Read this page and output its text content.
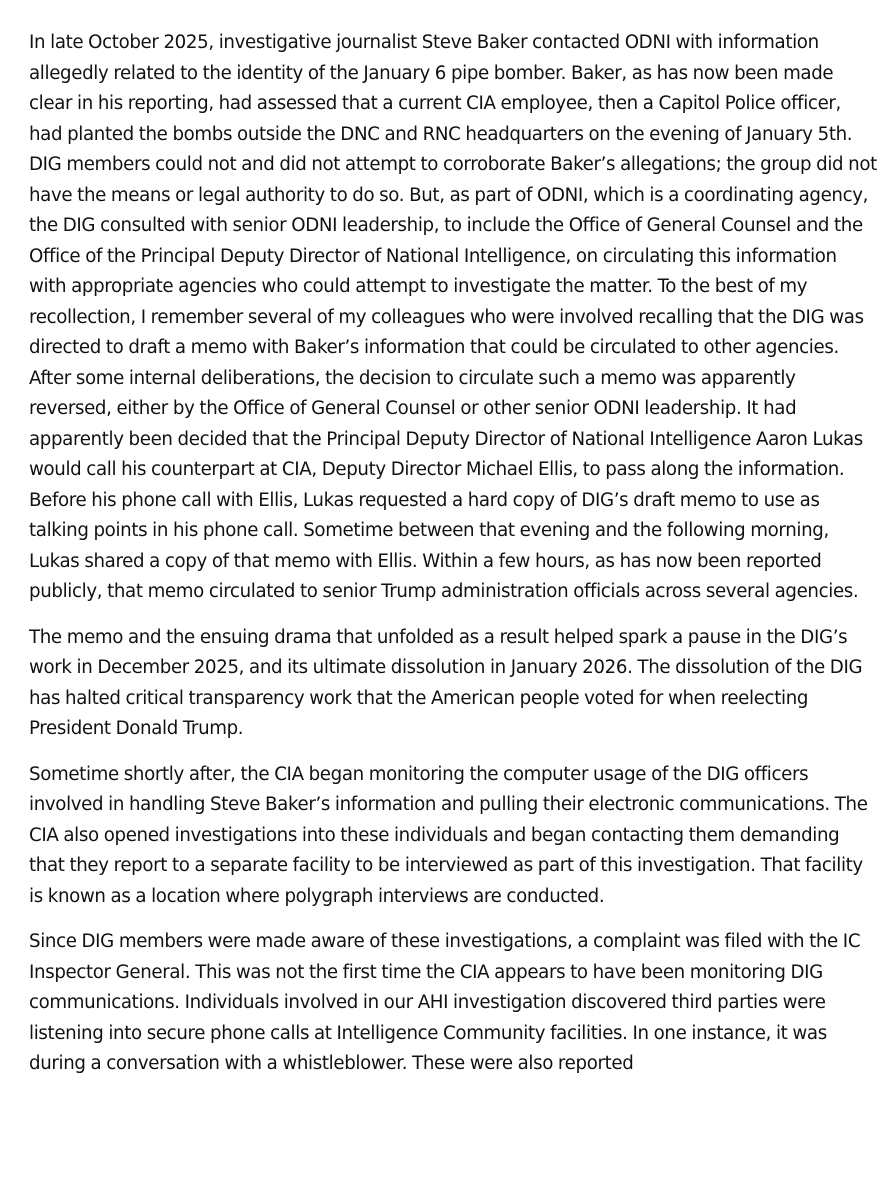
In late October 2025, investigative journalist Steve Baker contacted ODNI with information allegedly related to the identity of the January 6 pipe bomber. Baker, as has now been made clear in his reporting, had assessed that a current CIA employee, then a Capitol Police officer, had planted the bombs outside the DNC and RNC headquarters on the evening of January 5th. DIG members could not and did not attempt to corroborate Baker’s allegations; the group did not have the means or legal authority to do so. But, as part of ODNI, which is a coordinating agency, the DIG consulted with senior ODNI leadership, to include the Office of General Counsel and the Office of the Principal Deputy Director of National Intelligence, on circulating this information with appropriate agencies who could attempt to investigate the matter. To the best of my recollection, I remember several of my colleagues who were involved recalling that the DIG was directed to draft a memo with Baker’s information that could be circulated to other agencies. After some internal deliberations, the decision to circulate such a memo was apparently reversed, either by the Office of General Counsel or other senior ODNI leadership. It had apparently been decided that the Principal Deputy Director of National Intelligence Aaron Lukas would call his counterpart at CIA, Deputy Director Michael Ellis, to pass along the information. Before his phone call with Ellis, Lukas requested a hard copy of DIG’s draft memo to use as talking points in his phone call. Sometime between that evening and the following morning, Lukas shared a copy of that memo with Ellis. Within a few hours, as has now been reported publicly, that memo circulated to senior Trump administration officials across several agencies.

The memo and the ensuing drama that unfolded as a result helped spark a pause in the DIG’s work in December 2025, and its ultimate dissolution in January 2026. The dissolution of the DIG has halted critical transparency work that the American people voted for when reelecting President Donald Trump.

Sometime shortly after, the CIA began monitoring the computer usage of the DIG officers involved in handling Steve Baker’s information and pulling their electronic communications. The CIA also opened investigations into these individuals and began contacting them demanding that they report to a separate facility to be interviewed as part of this investigation. That facility is known as a location where polygraph interviews are conducted.

Since DIG members were made aware of these investigations, a complaint was filed with the IC Inspector General. This was not the first time the CIA appears to have been monitoring DIG communications. Individuals involved in our AHI investigation discovered third parties were listening into secure phone calls at Intelligence Community facilities. In one instance, it was during a conversation with a whistleblower. These were also reported
